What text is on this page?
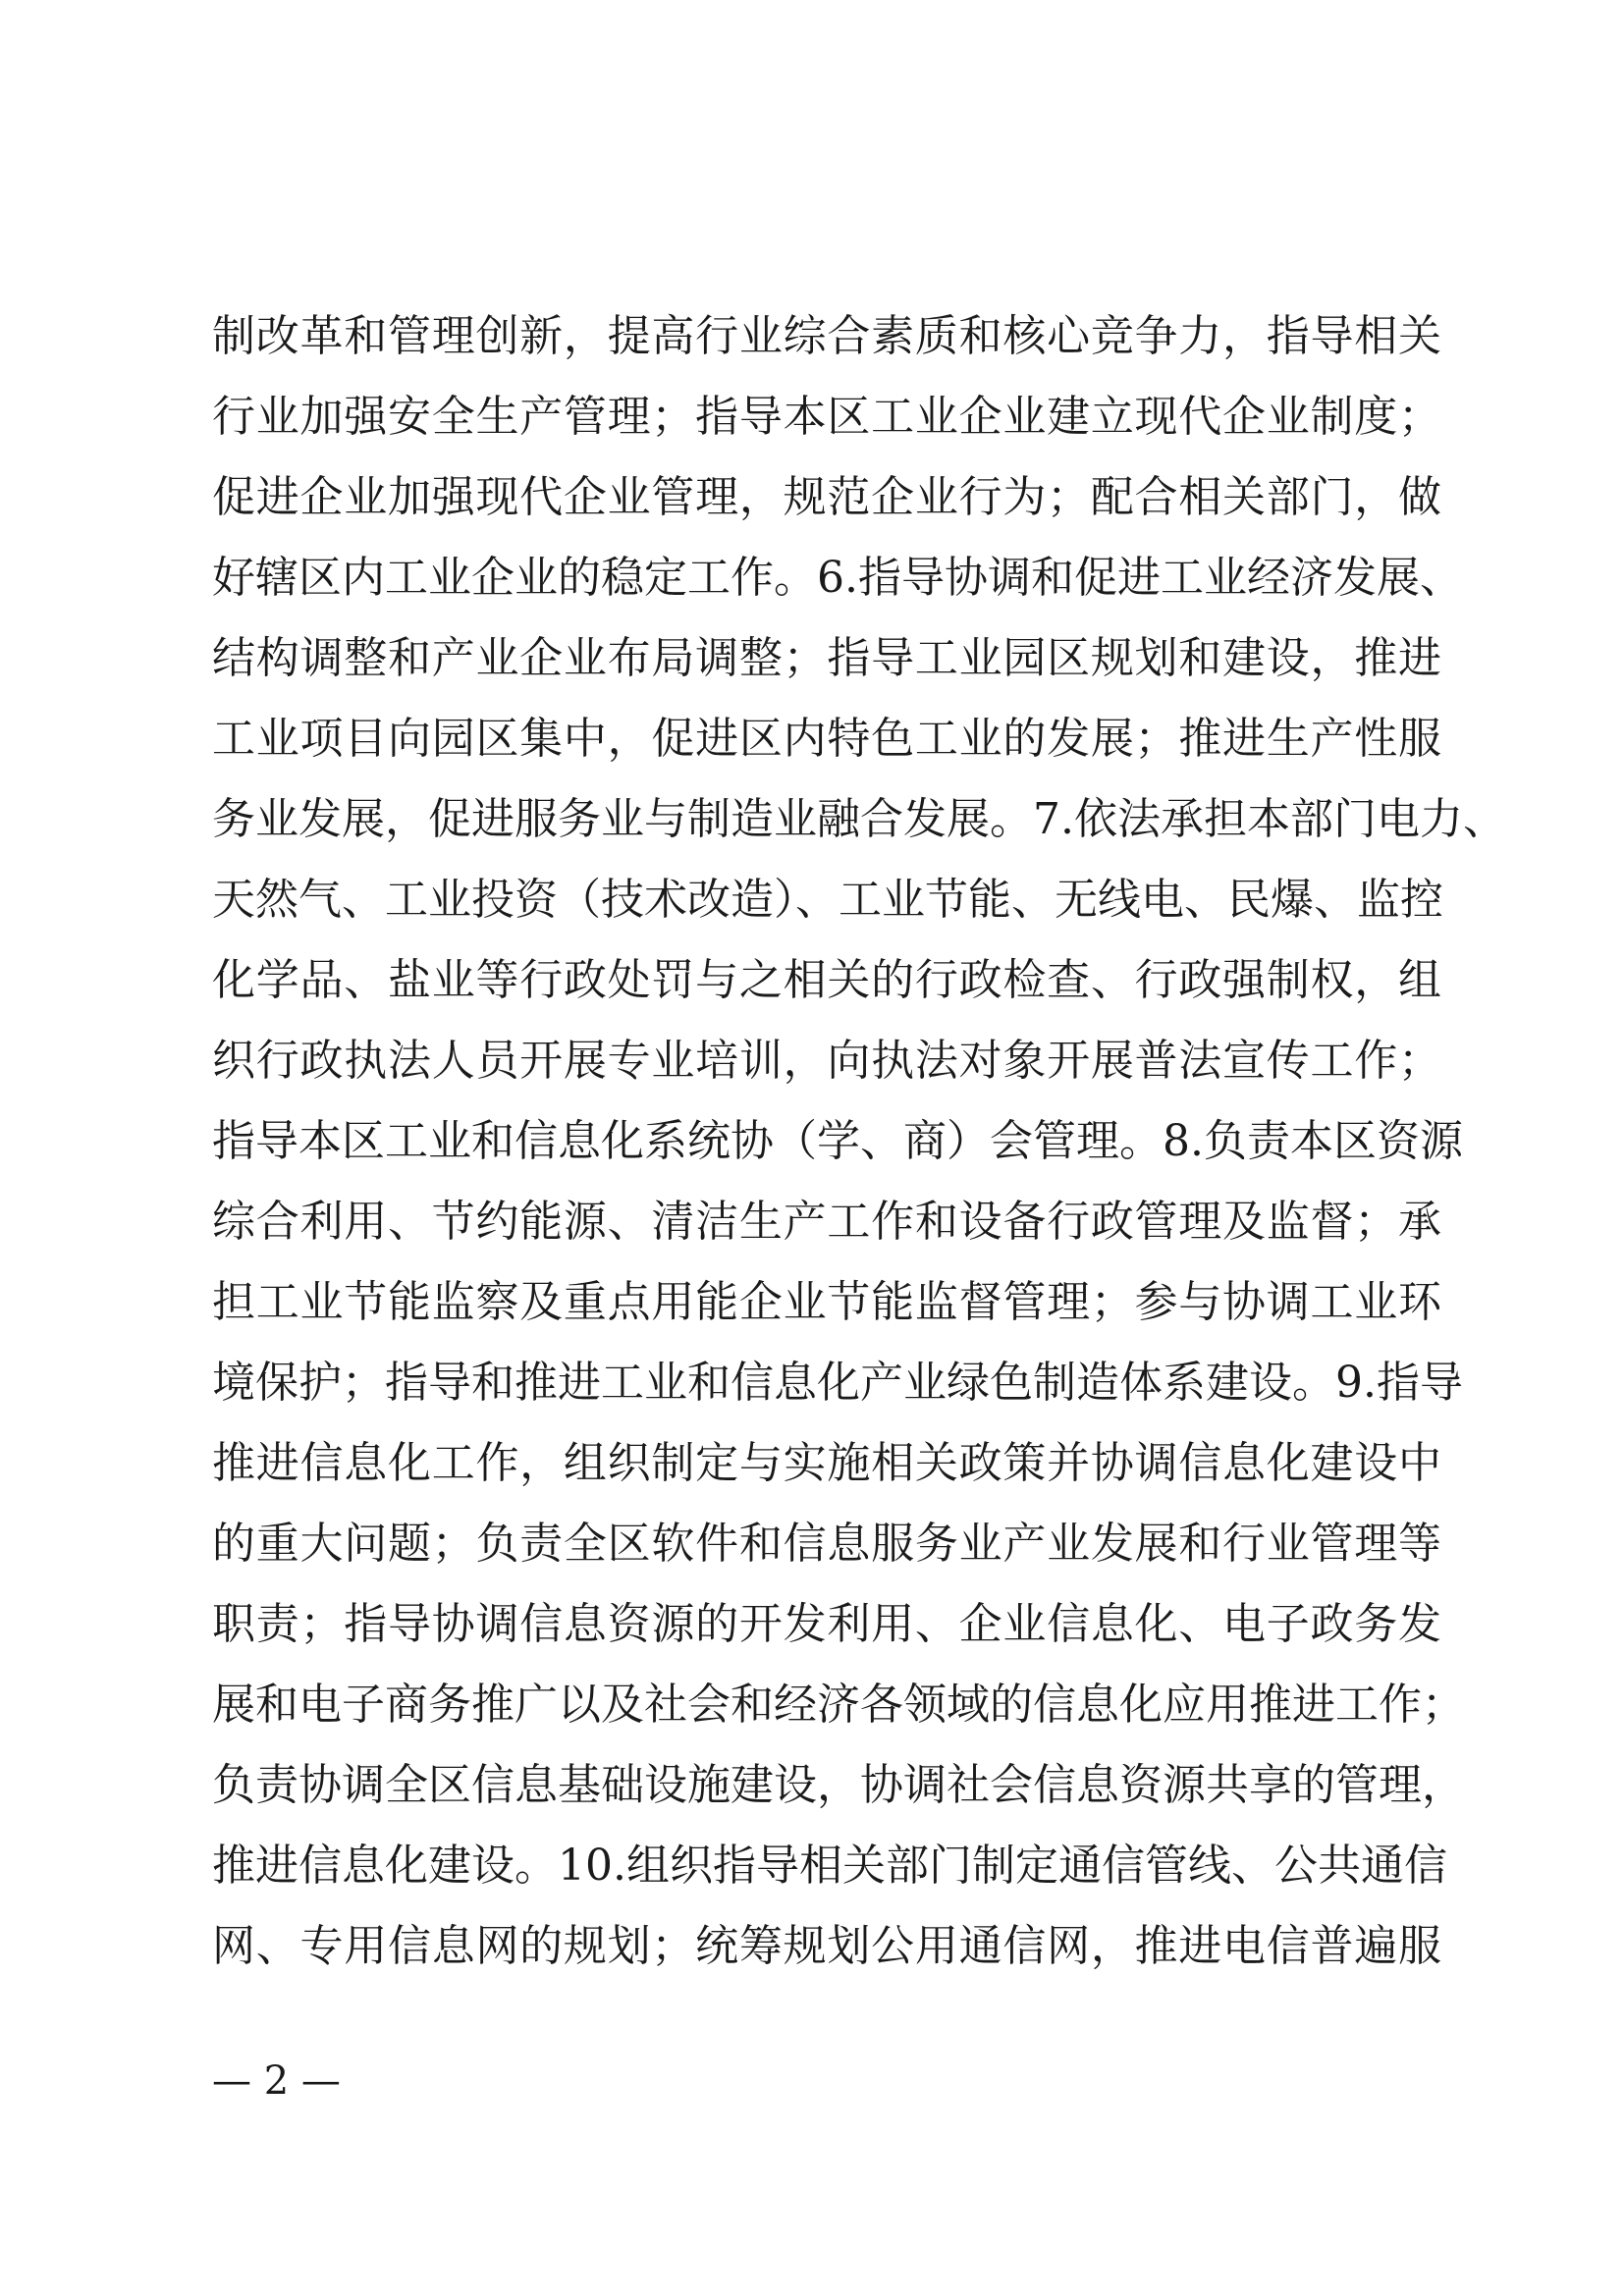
制改革和管理创新，提高行业综合素质和核心竞争力，指导相关
行业加强安全生产管理；指导本区工业企业建立现代企业制度；
促进企业加强现代企业管理，规范企业行为；配合相关部门，做
好辖区内工业企业的稳定工作。6.指导协调和促进工业经济发展、
结构调整和产业企业布局调整；指导工业园区规划和建设，推进
工业项目向园区集中，促进区内特色工业的发展；推进生产性服
务业发展，促进服务业与制造业融合发展。7.依法承担本部门电力、
天然气、工业投资（技术改造）、工业节能、无线电、民爆、监控
化学品、盐业等行政处罚与之相关的行政检查、行政强制权，组
织行政执法人员开展专业培训，向执法对象开展普法宣传工作；
指导本区工业和信息化系统协（学、商）会管理。8.负责本区资源
综合利用、节约能源、清洁生产工作和设备行政管理及监督；承
担工业节能监察及重点用能企业节能监督管理；参与协调工业环
境保护；指导和推进工业和信息化产业绿色制造体系建设。9.指导
推进信息化工作，组织制定与实施相关政策并协调信息化建设中
的重大问题；负责全区软件和信息服务业产业发展和行业管理等
职责；指导协调信息资源的开发利用、企业信息化、电子政务发
展和电子商务推广以及社会和经济各领域的信息化应用推进工作；
负责协调全区信息基础设施建设，协调社会信息资源共享的管理，
推进信息化建设。10.组织指导相关部门制定通信管线、公共通信
网、专用信息网的规划；统筹规划公用通信网，推进电信普遍服
— 2 —
